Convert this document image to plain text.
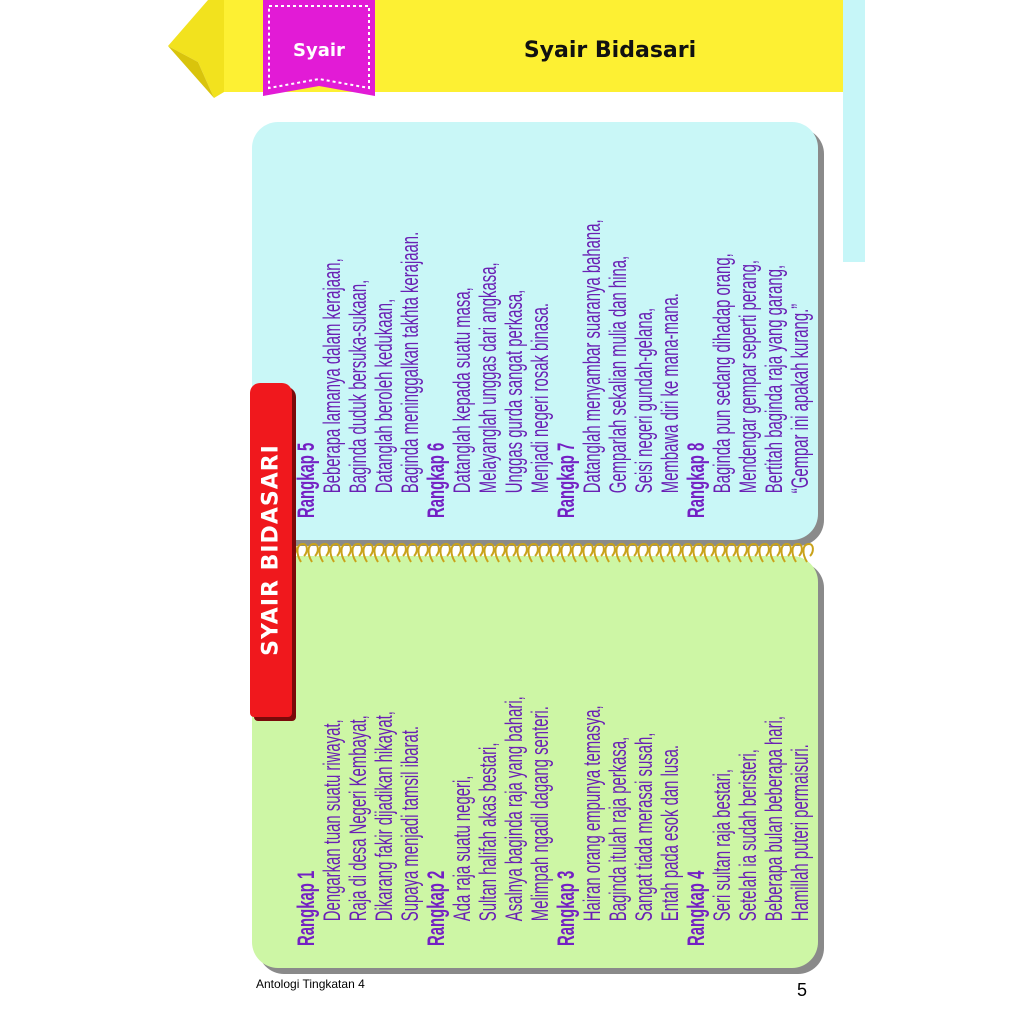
Syair	Syair Bidasari
SYAIR BIDASARI
Rangkap 1 Dengarkan tuan suatu riwayat, Raja di desa Negeri Kembayat, Dikarang fakir dijadikan hikayat, Supaya menjadi tamsil ibarat. Rangkap 2 Ada raja suatu negeri, Sultan halifah akas bestari, Asalnya baginda raja yang bahari, Melimpah ngadil dagang senteri. Rangkap 3 Hairan orang empunya temasya, Baginda itulah raja perkasa, Sangat tiada merasai susah, Entah pada esok dan lusa. Rangkap 4 Seri sultan raja bestari, Setelah ia sudah beristeri, Beberapa bulan beberapa hari, Hamillah puteri permaisuri.
Rangkap 5 Beberapa lamanya dalam kerajaan, Baginda duduk bersuka-sukaan, Datanglah beroleh kedukaan, Baginda meninggalkan takhta kerajaan. Rangkap 6 Datanglah kepada suatu masa, Melayanglah unggas dari angkasa, Unggas gurda sangat perkasa, Menjadi negeri rosak binasa. Rangkap 7 Datanglah menyambar suaranya bahana, Gemparlah sekalian mulia dan hina, Seisi negeri gundah-gelana, Membawa diri ke mana-mana. Rangkap 8 Baginda pun sedang dihadap orang, Mendengar gempar seperti perang, Bertitah baginda raja yang garang, “Gempar ini apakah kurang.”
Antologi Tingkatan 4	5
